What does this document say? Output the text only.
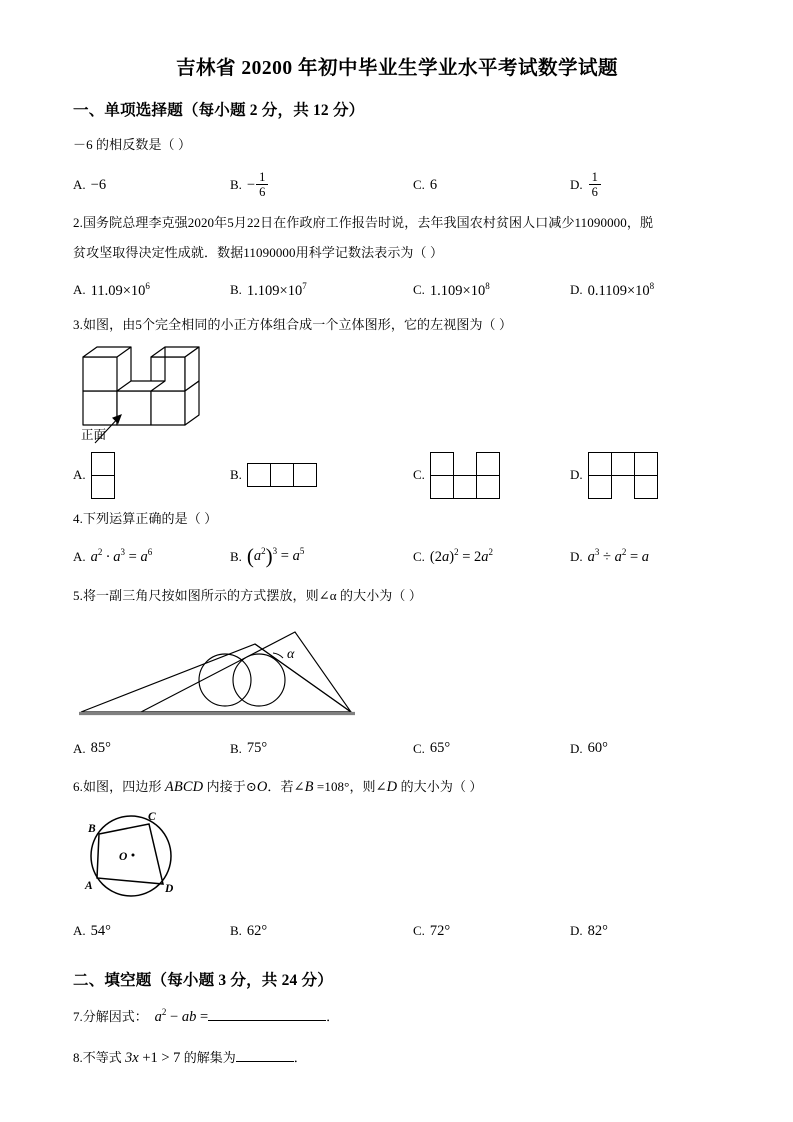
吉林省 20200 年初中毕业生学业水平考试数学试题
一、单项选择题（每小题 2 分，共 12 分）
－6 的相反数是（ ）
A. −6	B. − $\frac{1}{6}$	C. 6	D. $\frac{1}{6}$
2.国务院总理李克强2020年5月22日在作政府工作报告时说，去年我国农村贫困人口减少11090000，脱
贫攻坚取得决定性成就．数据11090000用科学记数法表示为（ ）
A. $11.09\times 10^6$	B. $1.109\times 10^7$	C. $1.109\times 10^8$	D. $0.1109\times 10^8$
3.如图，由5个完全相同的小正方体组合成一个立体图形，它的左视图为（ ）
正面
A.	B.
			C.

			D.

4.下列运算正确的是（ ）
A. $a^2 \cdot a^3 = a^6$	B. $(a^2)^3 = a^5$	C. $(2a)^2 = 2a^2$	D. $a^3 \div a^2 = a$
5.将一副三角尺按如图所示的方式摆放，则∠α 的大小为（ ）
α
A. 85°	B. 75°	C. 65°	D. 60°
6.如图，四边形 ABCD 内接于⊙O．若∠B =108°，则∠D 的大小为（ ）
B
C
A	D
O
A. 54°	B. 62°	C. 72°	D. 82°
二、填空题（每小题 3 分，共 24 分）
7.分解因式：  $a^2$ − ab =	．
8.不等式 3x +1 > 7 的解集为	．
